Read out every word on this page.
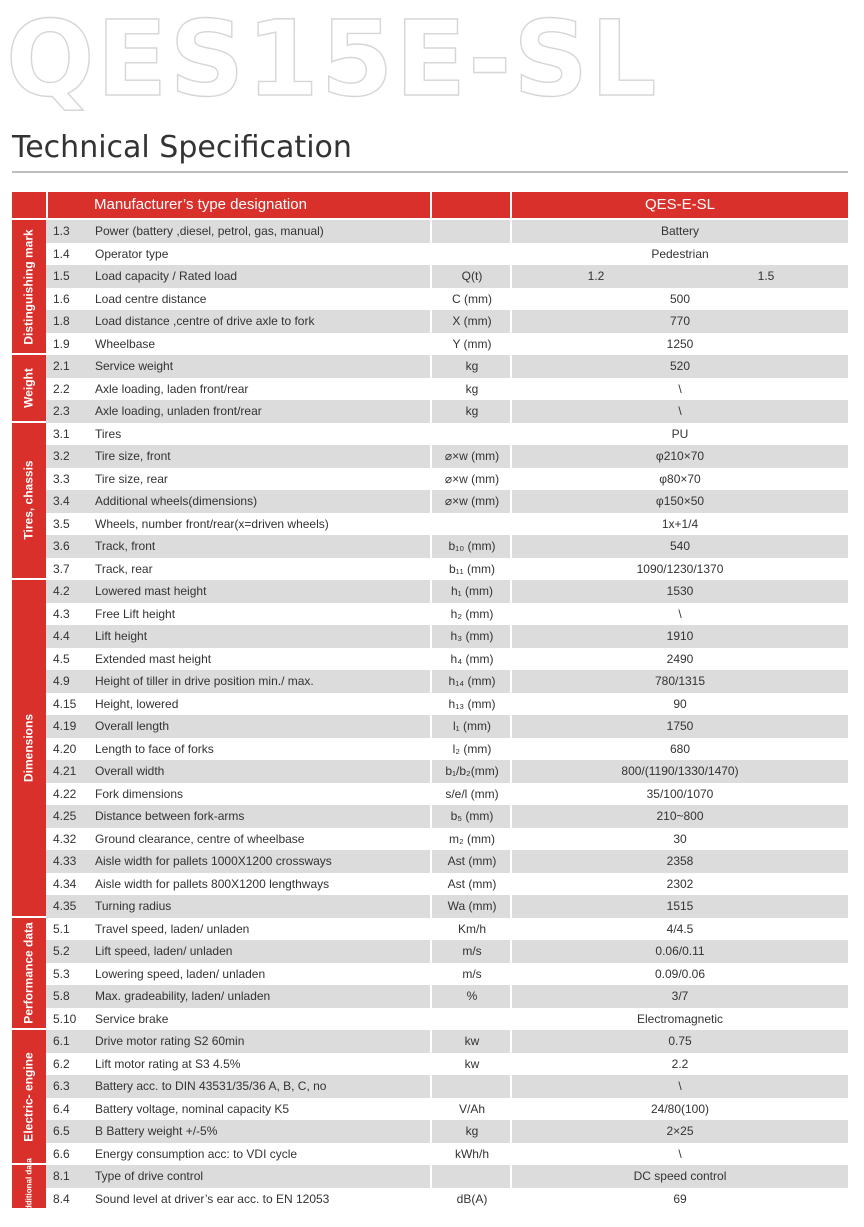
QES15E-SL
Technical Specification
Manufacturer’s type designation	QES-E-SL
1.3	Power (battery ,diesel, petrol, gas, manual)	Battery
1.4	Operator type	Pedestrian
1.5	Load capacity / Rated load	Q(t)	1.2	1.5
1.6	Load centre distance	C (mm)	500
1.8	Load distance ,centre of drive axle to fork	X (mm)	770
1.9	Wheelbase	Y (mm)	1250
Distinguishing mark
2.1	Service weight	kg	520
2.2	Axle loading, laden front/rear	kg	\
2.3	Axle loading, unladen front/rear	kg	\
Weight
3.1	Tires	PU
3.2	Tire size, front	⌀×w (mm)	φ210×70
3.3	Tire size, rear	⌀×w (mm)	φ80×70
3.4	Additional wheels(dimensions)	⌀×w (mm)	φ150×50
3.5	Wheels, number front/rear(x=driven wheels)	1x+1/4
3.6	Track, front	b₁₀ (mm)	540
3.7	Track, rear	b₁₁ (mm)	1090/1230/1370
Tires, chassis
4.2	Lowered mast height	h₁ (mm)	1530
4.3	Free Lift height	h₂ (mm)	\
4.4	Lift height	h₃ (mm)	1910
4.5	Extended mast height	h₄ (mm)	2490
4.9	Height of tiller in drive position min./ max.	h₁₄ (mm)	780/1315
4.15	Height, lowered	h₁₃ (mm)	90
4.19	Overall length	l₁ (mm)	1750
4.20	Length to face of forks	l₂ (mm)	680
4.21	Overall width	b₁/b₂(mm)	800/(1190/1330/1470)
4.22	Fork dimensions	s/e/l (mm)	35/100/1070
4.25	Distance between fork-arms	b₅ (mm)	210~800
4.32	Ground clearance, centre of wheelbase	m₂ (mm)	30
4.33	Aisle width for pallets 1000X1200 crossways	Ast (mm)	2358
4.34	Aisle width for pallets 800X1200 lengthways	Ast (mm)	2302
4.35	Turning radius	Wa (mm)	1515
Dimensions
5.1	Travel speed, laden/ unladen	Km/h	4/4.5
5.2	Lift speed, laden/ unladen	m/s	0.06/0.11
5.3	Lowering speed, laden/ unladen	m/s	0.09/0.06
5.8	Max. gradeability, laden/ unladen	%	3/7
5.10	Service brake	Electromagnetic
Performance data
6.1	Drive motor rating S2 60min	kw	0.75
6.2	Lift motor rating at S3 4.5%	kw	2.2
6.3	Battery acc. to DIN 43531/35/36 A, B, C, no	\
6.4	Battery voltage, nominal capacity K5	V/Ah	24/80(100)
6.5	B Battery weight +/-5%	kg	2×25
6.6	Energy consumption acc: to VDI cycle	kWh/h	\
Electric- engine
8.1	Type of drive control	DC speed control
8.4	Sound level at driver’s ear acc. to EN 12053	dB(A)	69
Additional data
